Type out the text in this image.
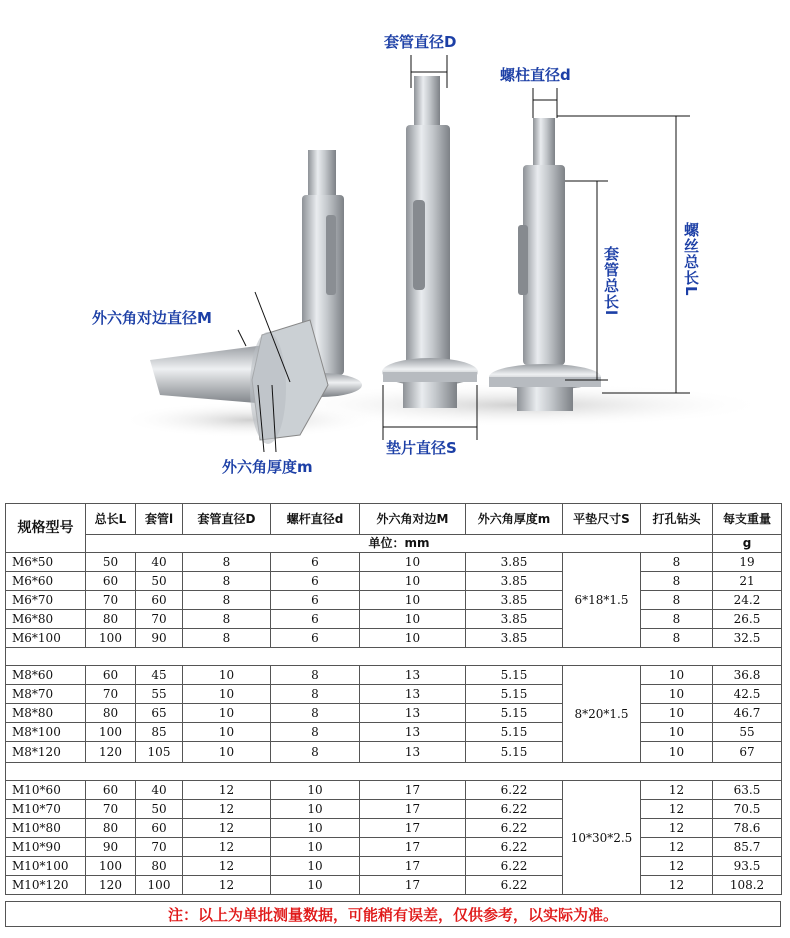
套管直径D
螺柱直径d
外六角对边直径M
外六角厚度m
垫片直径S
套管总长l	螺丝总长L
规格型号	总长L	套管l	套管直径D	螺杆直径d	外六角对边M	外六角厚度m	平垫尺寸S	打孔钻头	每支重量
	单位：mm								g
M6*50	50	40	8	6	10	3.85	6*18*1.5	8	19
M6*60	60	50	8	6	10	3.85		8	21
M6*70	70	60	8	6	10	3.85		8	24.2
M6*80	80	70	8	6	10	3.85		8	26.5
M6*100	100	90	8	6	10	3.85		8	32.5

M8*60	60	45	10	8	13	5.15	8*20*1.5	10	36.8
M8*70	70	55	10	8	13	5.15		10	42.5
M8*80	80	65	10	8	13	5.15		10	46.7
M8*100	100	85	10	8	13	5.15		10	55
M8*120	120	105	10	8	13	5.15		10	67

M10*60	60	40	12	10	17	6.22	10*30*2.5	12	63.5
M10*70	70	50	12	10	17	6.22		12	70.5
M10*80	80	60	12	10	17	6.22		12	78.6
M10*90	90	70	12	10	17	6.22		12	85.7
M10*100	100	80	12	10	17	6.22		12	93.5
M10*120	120	100	12	10	17	6.22		12	108.2
注：以上为单批测量数据，可能稍有误差，仅供参考，以实际为准。
